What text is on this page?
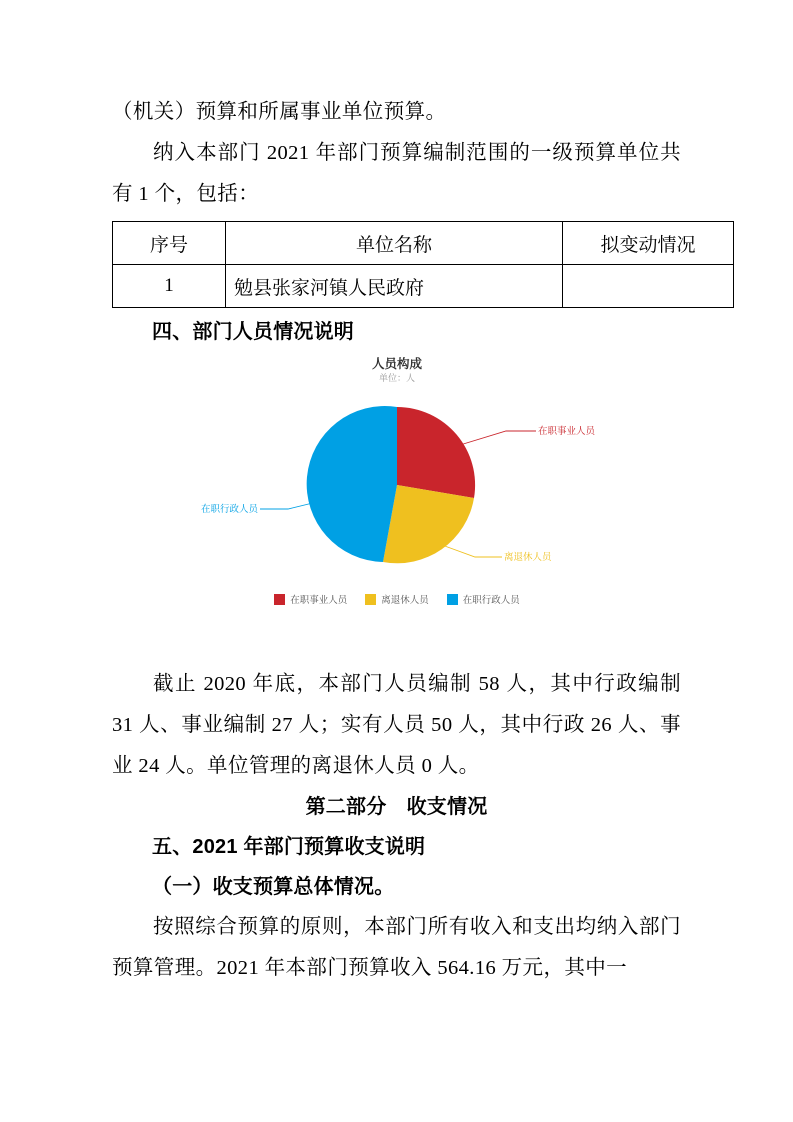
（机关）预算和所属事业单位预算。

纳入本部门 2021 年部门预算编制范围的一级预算单位共有 1 个，包括：

序号	单位名称	拟变动情况
1	勉县张家河镇人民政府	

四、部门人员情况说明

人员构成
单位：人
在职事业人员
离退休人员
在职行政人员
在职事业人员	离退休人员	在职行政人员

截止 2020 年底，本部门人员编制 58 人，其中行政编制 31 人、事业编制 27 人；实有人员 50 人，其中行政 26 人、事业 24 人。单位管理的离退休人员 0 人。

第二部分　收支情况

五、2021 年部门预算收支说明

（一）收支预算总体情况。

按照综合预算的原则，本部门所有收入和支出均纳入部门预算管理。2021 年本部门预算收入 564.16 万元，其中一
